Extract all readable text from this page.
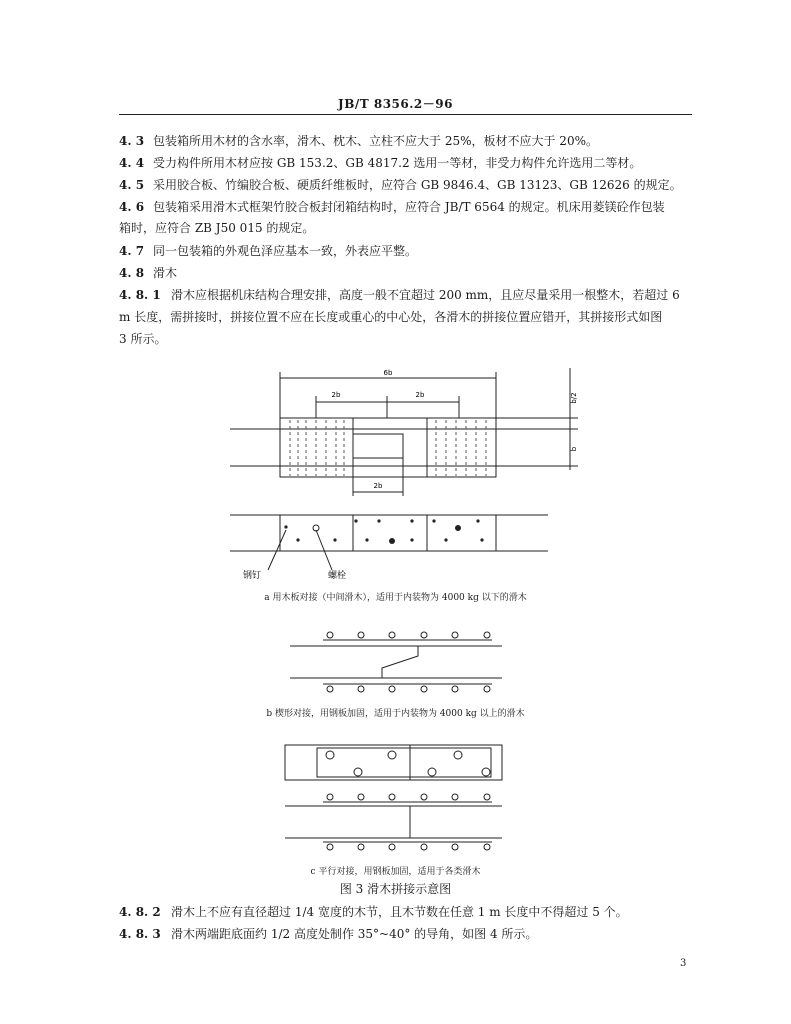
JB/T 8356.2－96
4. 3 包装箱所用木材的含水率，滑木、枕木、立柱不应大于 25%，板材不应大于 20%。
4. 4 受力构件所用木材应按 GB 153.2、GB 4817.2 选用一等材，非受力构件允许选用二等材。
4. 5 采用胶合板、竹编胶合板、硬质纤维板时，应符合 GB 9846.4、GB 13123、GB 12626 的规定。
4. 6 包装箱采用滑木式框架竹胶合板封闭箱结构时，应符合 JB/T 6564 的规定。机床用菱镁砼作包装
箱时，应符合 ZB J50 015 的规定。
4. 7 同一包装箱的外观色泽应基本一致，外表应平整。
4. 8 滑木
4. 8. 1 滑木应根据机床结构合理安排，高度一般不宜超过 200 mm，且应尽量采用一根整木，若超过 6
m 长度，需拼接时，拼接位置不应在长度或重心的中心处，各滑木的拼接位置应错开，其拼接形式如图
3 所示。
6b
2b	2b
2b
b/2
b
钢钉	螺栓
a 用木板对接（中间滑木），适用于内装物为 4000 kg 以下的滑木
b 楔形对接，用钢板加固，适用于内装物为 4000 kg 以上的滑木
c 平行对接，用钢板加固，适用于各类滑木
图 3 滑木拼接示意图
4. 8. 2 滑木上不应有直径超过 1/4 宽度的木节，且木节数在任意 1 m 长度中不得超过 5 个。
4. 8. 3 滑木两端距底面约 1/2 高度处制作 35°~40° 的导角，如图 4 所示。
3
